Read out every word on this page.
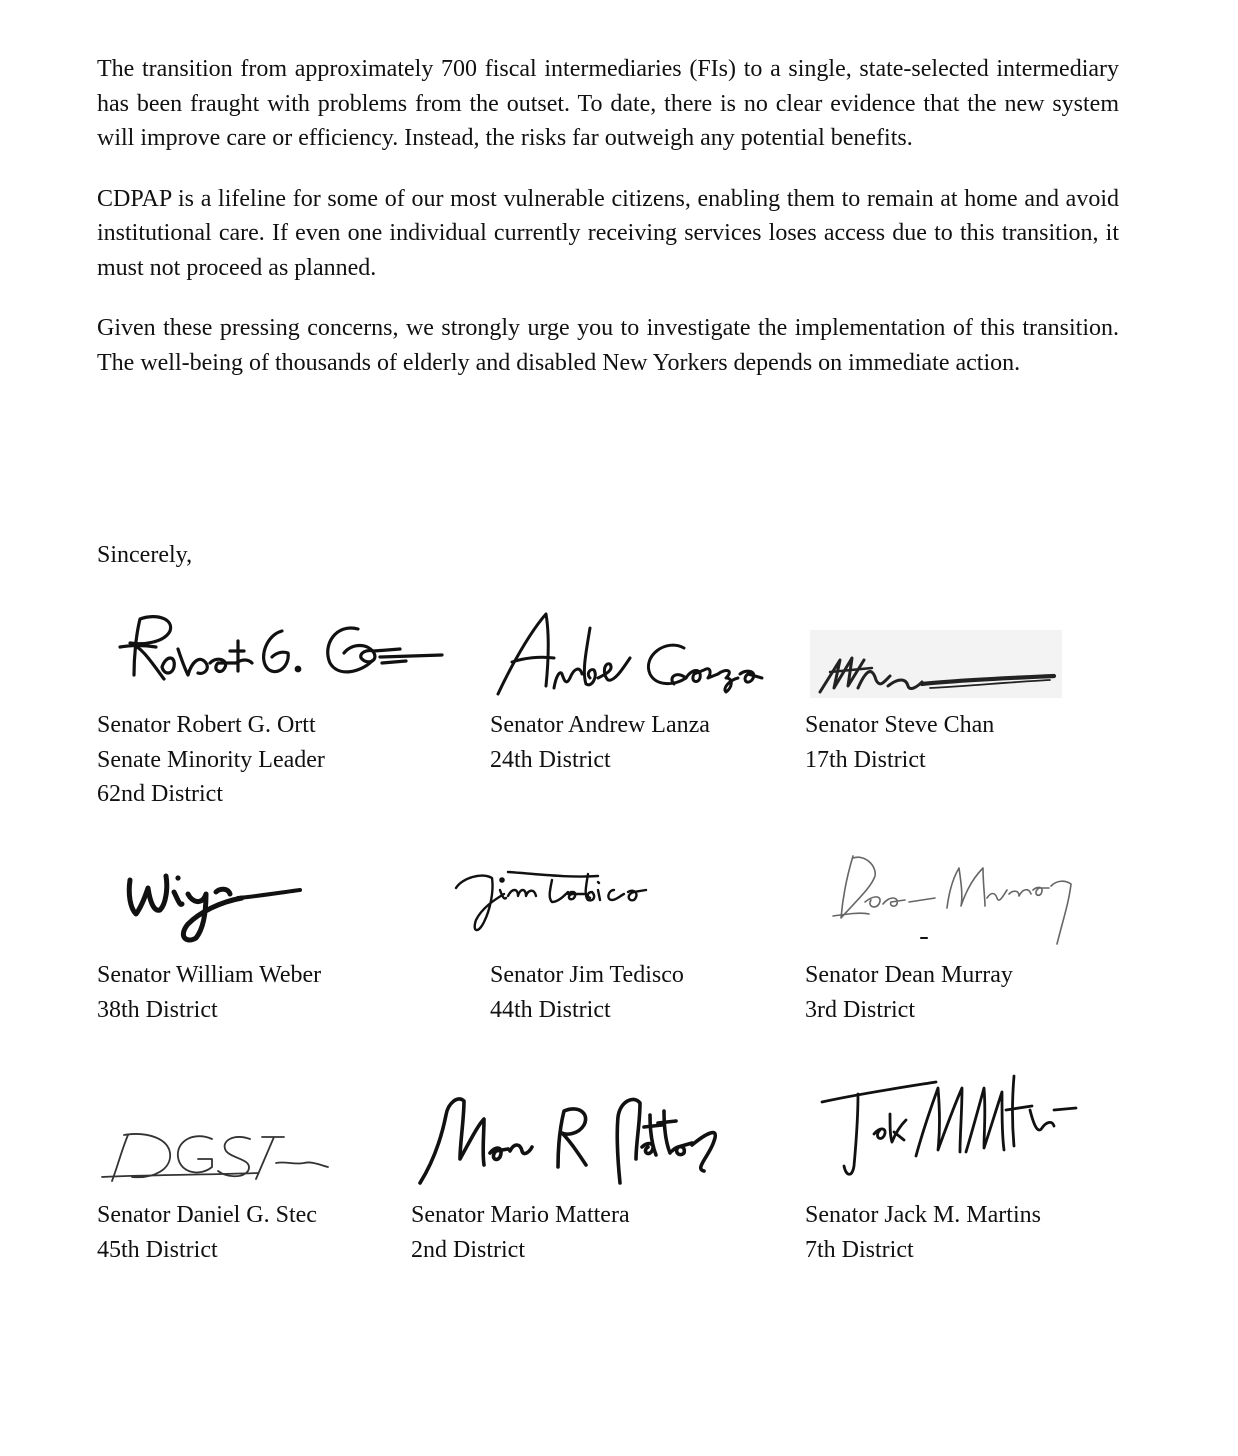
The transition from approximately 700 fiscal intermediaries (FIs) to a single, state-selected intermediary has been fraught with problems from the outset. To date, there is no clear evidence that the new system will improve care or efficiency. Instead, the risks far outweigh any potential benefits.

CDPAP is a lifeline for some of our most vulnerable citizens, enabling them to remain at home and avoid institutional care. If even one individual currently receiving services loses access due to this transition, it must not proceed as planned.

Given these pressing concerns, we strongly urge you to investigate the implementation of this transition. The well-being of thousands of elderly and disabled New Yorkers depends on immediate action.

Sincerely,

Senator Robert G. Ortt
Senate Minority Leader
62nd District
Senator Andrew Lanza
24th District
Senator Steve Chan
17th District
Senator William Weber
38th District
Senator Jim Tedisco
44th District
Senator Dean Murray
3rd District
Senator Daniel G. Stec
45th District
Senator Mario Mattera
2nd District
Senator Jack M. Martins
7th District
